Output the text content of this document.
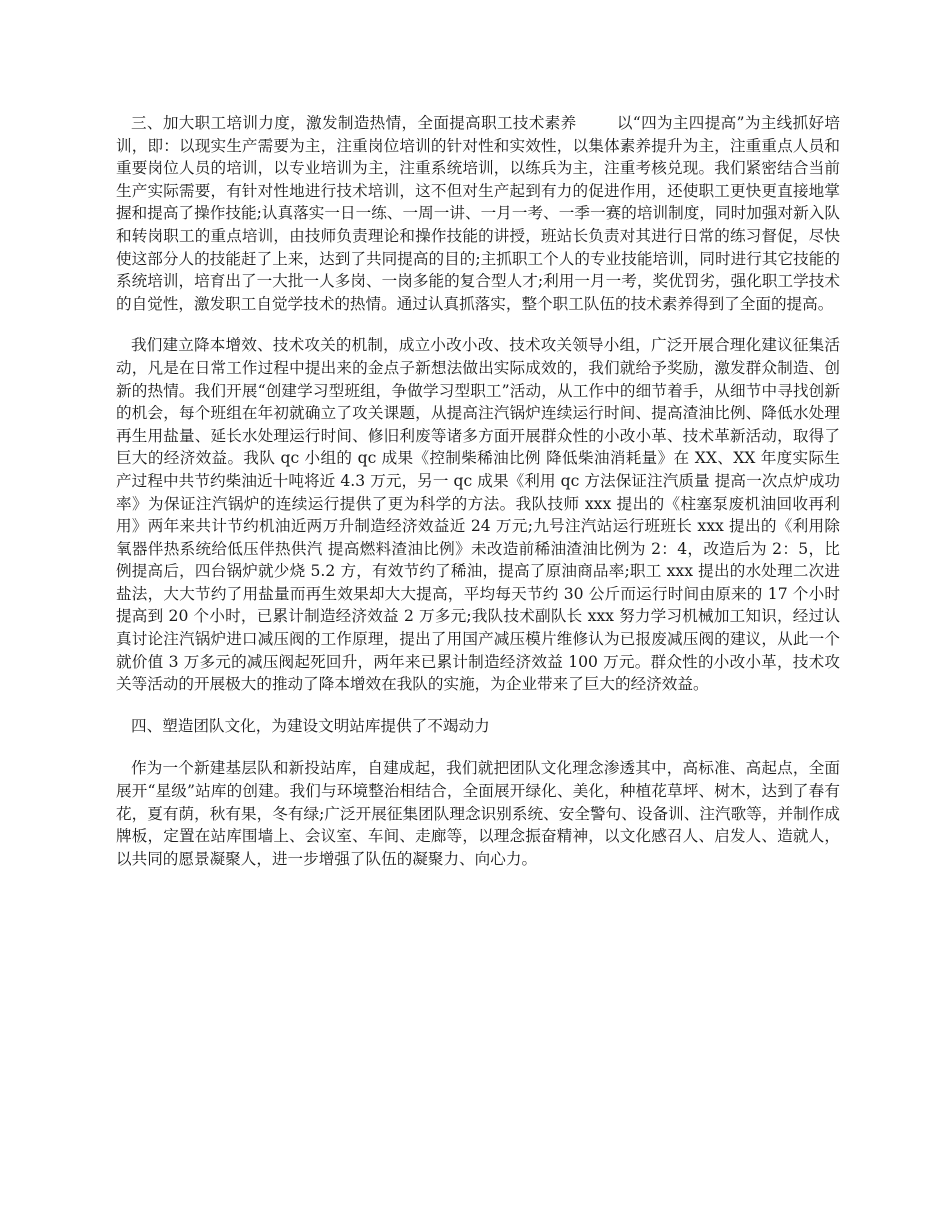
三、加大职工培训力度，激发制造热情，全面提高职工技术素养	以“四为主四提高”为主线抓好培训，即：以现实生产需要为主，注重岗位培训的针对性和实效性，以集体素养提升为主，注重重点人员和重要岗位人员的培训，以专业培训为主，注重系统培训，以练兵为主，注重考核兑现。我们紧密结合当前生产实际需要，有针对性地进行技术培训，这不但对生产起到有力的促进作用，还使职工更快更直接地掌握和提高了操作技能;认真落实一日一练、一周一讲、一月一考、一季一赛的培训制度，同时加强对新入队和转岗职工的重点培训，由技师负责理论和操作技能的讲授，班站长负责对其进行日常的练习督促，尽快使这部分人的技能赶了上来，达到了共同提高的目的;主抓职工个人的专业技能培训，同时进行其它技能的系统培训，培育出了一大批一人多岗、一岗多能的复合型人才;利用一月一考，奖优罚劣，强化职工学技术的自觉性，激发职工自觉学技术的热情。通过认真抓落实，整个职工队伍的技术素养得到了全面的提高。

我们建立降本增效、技术攻关的机制，成立小改小改、技术攻关领导小组，广泛开展合理化建议征集活动，凡是在日常工作过程中提出来的金点子新想法做出实际成效的，我们就给予奖励，激发群众制造、创新的热情。我们开展“创建学习型班组，争做学习型职工”活动，从工作中的细节着手，从细节中寻找创新的机会，每个班组在年初就确立了攻关课题，从提高注汽锅炉连续运行时间、提高渣油比例、降低水处理再生用盐量、延长水处理运行时间、修旧利废等诸多方面开展群众性的小改小革、技术革新活动，取得了巨大的经济效益。我队 qc 小组的 qc 成果《控制柴稀油比例 降低柴油消耗量》在 XX、XX 年度实际生产过程中共节约柴油近十吨将近 4.3 万元，另一 qc 成果《利用 qc 方法保证注汽质量 提高一次点炉成功率》为保证注汽锅炉的连续运行提供了更为科学的方法。我队技师 xxx 提出的《柱塞泵废机油回收再利用》两年来共计节约机油近两万升制造经济效益近 24 万元;九号注汽站运行班班长 xxx 提出的《利用除氧器伴热系统给低压伴热供汽 提高燃料渣油比例》未改造前稀油渣油比例为 2：4，改造后为 2：5，比例提高后，四台锅炉就少烧 5.2 方，有效节约了稀油，提高了原油商品率;职工 xxx 提出的水处理二次进盐法，大大节约了用盐量而再生效果却大大提高，平均每天节约 30 公斤而运行时间由原来的 17 个小时提高到 20 个小时，已累计制造经济效益 2 万多元;我队技术副队长 xxx 努力学习机械加工知识，经过认真讨论注汽锅炉进口减压阀的工作原理，提出了用国产减压模片维修认为已报废减压阀的建议，从此一个就价值 3 万多元的减压阀起死回升，两年来已累计制造经济效益 100 万元。群众性的小改小革，技术攻关等活动的开展极大的推动了降本增效在我队的实施，为企业带来了巨大的经济效益。

四、塑造团队文化，为建设文明站库提供了不竭动力

作为一个新建基层队和新投站库，自建成起，我们就把团队文化理念渗透其中，高标准、高起点，全面展开“星级”站库的创建。我们与环境整治相结合，全面展开绿化、美化，种植花草坪、树木，达到了春有花，夏有荫，秋有果，冬有绿;广泛开展征集团队理念识别系统、安全警句、设备训、注汽歌等，并制作成牌板，定置在站库围墙上、会议室、车间、走廊等，以理念振奋精神，以文化感召人、启发人、造就人，以共同的愿景凝聚人，进一步增强了队伍的凝聚力、向心力。
